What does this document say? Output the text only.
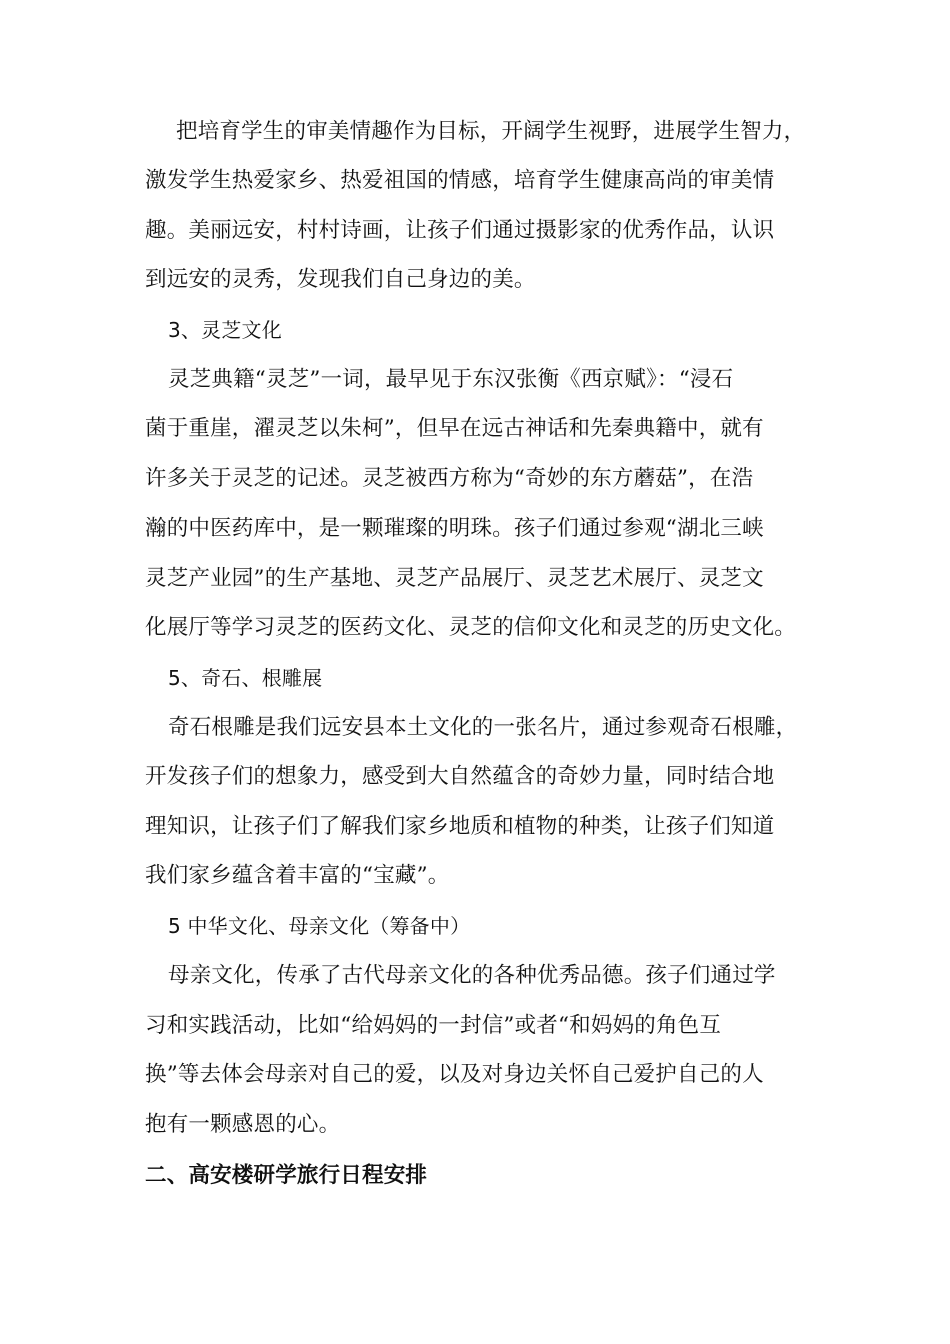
把培育学生的审美情趣作为目标，开阔学生视野，进展学生智力，
激发学生热爱家乡、热爱祖国的情感，培育学生健康高尚的审美情
趣。美丽远安，村村诗画，让孩子们通过摄影家的优秀作品，认识
到远安的灵秀，发现我们自己身边的美。
3、灵芝文化
灵芝典籍“灵芝”一词，最早见于东汉张衡《西京赋》：“浸石
菌于重崖，濯灵芝以朱柯”，但早在远古神话和先秦典籍中，就有
许多关于灵芝的记述。灵芝被西方称为“奇妙的东方蘑菇”，在浩
瀚的中医药库中，是一颗璀璨的明珠。孩子们通过参观“湖北三峡
灵芝产业园”的生产基地、灵芝产品展厅、灵芝艺术展厅、灵芝文
化展厅等学习灵芝的医药文化、灵芝的信仰文化和灵芝的历史文化。
5、奇石、根雕展
奇石根雕是我们远安县本土文化的一张名片，通过参观奇石根雕，
开发孩子们的想象力，感受到大自然蕴含的奇妙力量，同时结合地
理知识，让孩子们了解我们家乡地质和植物的种类，让孩子们知道
我们家乡蕴含着丰富的“宝藏”。
5 中华文化、母亲文化（筹备中）
母亲文化，传承了古代母亲文化的各种优秀品德。孩子们通过学
习和实践活动，比如“给妈妈的一封信”或者“和妈妈的角色互
换”等去体会母亲对自己的爱，以及对身边关怀自己爱护自己的人
抱有一颗感恩的心。
二、高安楼研学旅行日程安排
